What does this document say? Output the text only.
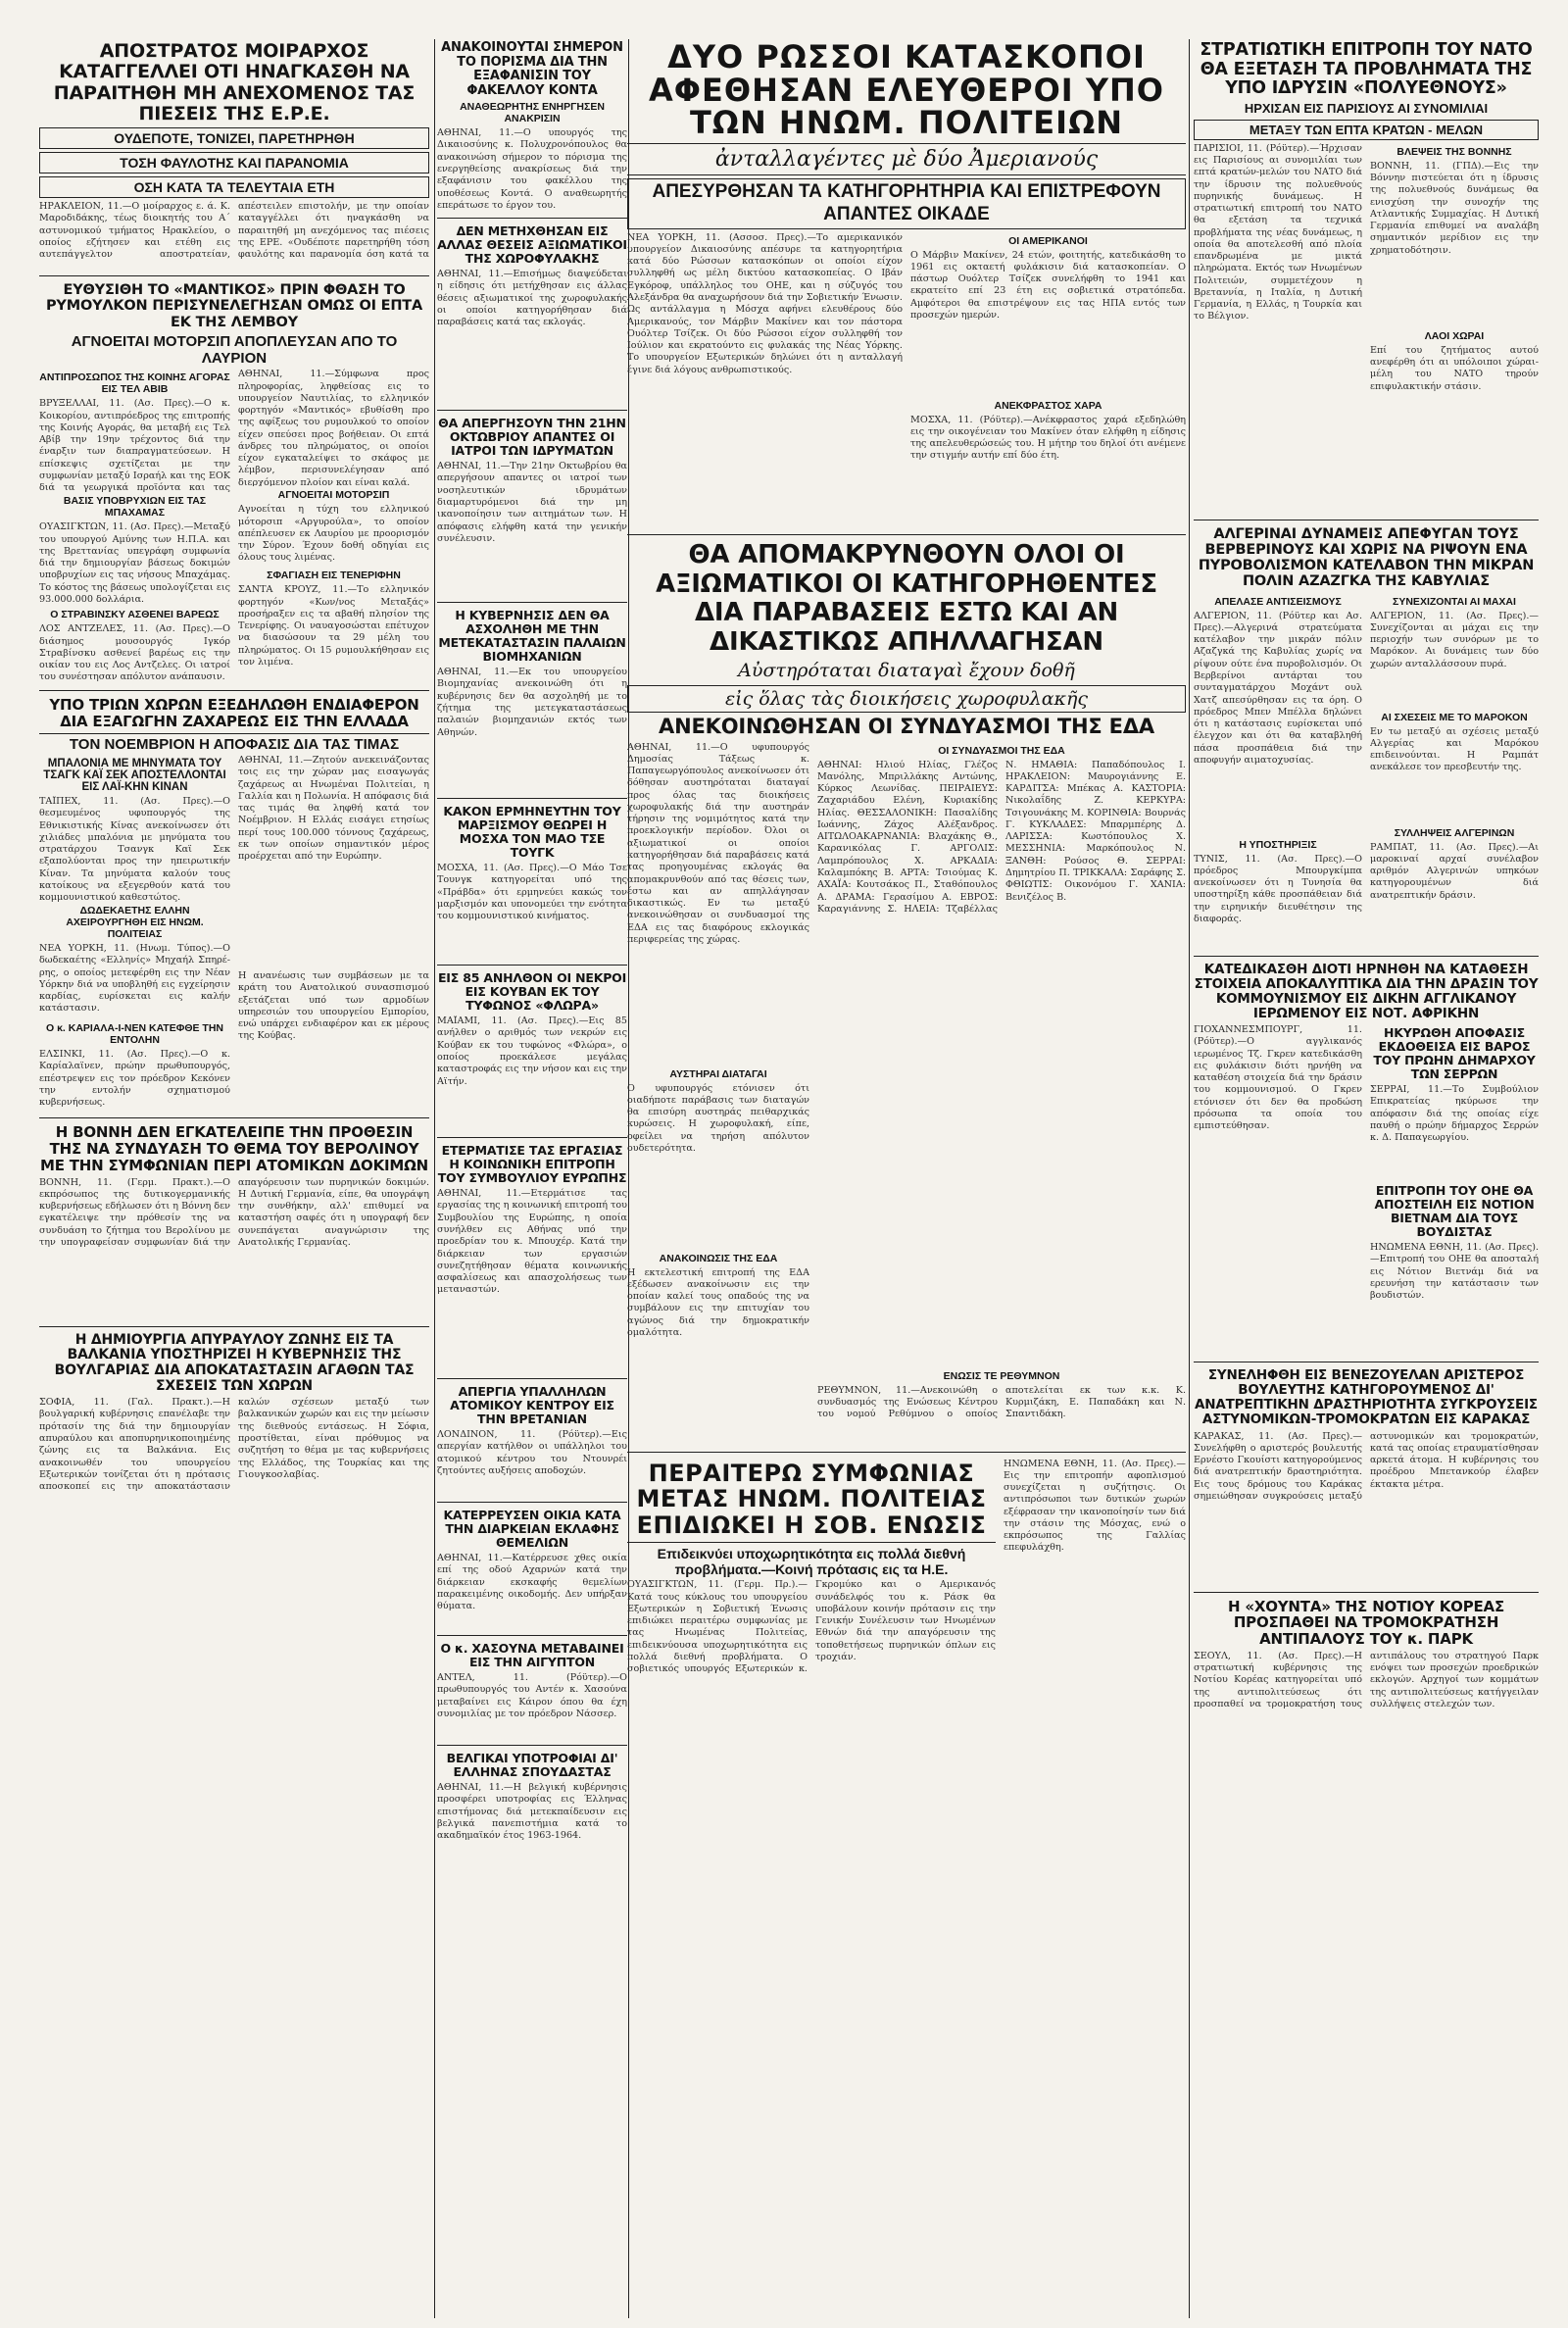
ΑΠΟΣΤΡΑΤΟΣ ΜΟΙΡΑΡΧΟΣ ΚΑΤΑΓΓΕΛΛΕΙ ΟΤΙ ΗΝΑΓΚΑΣΘΗ ΝΑ ΠΑΡΑΙΤΗΘΗ ΜΗ ΑΝΕΧΟΜΕΝΟΣ ΤΑΣ ΠΙΕΣΕΙΣ ΤΗΣ Ε.Ρ.Ε.
ΟΥΔΕΠΟΤΕ, ΤΟΝΙΖΕΙ, ΠΑΡΕΤΗΡΗΘΗ
ΤΟΣΗ ΦΑΥΛΟΤΗΣ ΚΑΙ ΠΑΡΑΝΟΜΙΑ
ΟΣΗ ΚΑΤΑ ΤΑ ΤΕΛΕΥΤΑΙΑ ΕΤΗ
ΗΡΑΚΛΕΙΟΝ, 11.—Ο μοίραρχος ε. ά. Κ. Μαροδιδάκης, τέως διοικητής του Α΄ αστυνομικού τμήματος Ηρακλείου, ο οποίος εζήτησεν και ετέθη εις αυτεπάγγελτον αποστρατείαν, απέστειλεν επιστολήν, με την οποίαν καταγγέλλει ότι ηναγκάσθη να παραιτηθή μη ανεχόμενος τας πιέσεις της ΕΡΕ. «Ουδέποτε παρετηρήθη τόση φαυλότης και παρανομία όση κατά τα
ΕΥΘΥΣΙΘΗ ΤΟ «ΜΑΝΤΙΚΟΣ» ΠΡΙΝ ΦΘΑΣΗ ΤΟ ΡΥΜΟΥΛΚΟΝ ΠΕΡΙΣΥΝΕΛΕΓΗΣΑΝ ΟΜΩΣ ΟΙ ΕΠΤΑ ΕΚ ΤΗΣ ΛΕΜΒΟΥ
ΑΓΝΟΕΙΤΑΙ ΜΟΤΟΡΣΙΠ ΑΠΟΠΛΕΥΣΑΝ ΑΠΟ ΤΟ ΛΑΥΡΙΟΝ
ΑΝΤΙΠΡΟΣΩΠΟΣ ΤΗΣ ΚΟΙΝΗΣ ΑΓΟΡΑΣ ΕΙΣ ΤΕΛ ΑΒΙΒ
ΒΡΥΞΕΛΛΑΙ, 11. (Ασ. Πρες).—Ο κ. Κοικορίου, αντιπρόεδρος της επιτροπής της Κοινής Αγοράς, θα μεταβή εις Τελ Αβίβ την 19ην τρέχοντος διά την έναρξιν των διαπραγματεύσεων. Η επίσκεψις σχετίζεται με την συμφωνίαν μεταξύ Ισραήλ και της ΕΟΚ διά τα γεωργικά προϊόντα και τας
ΒΑΣΙΣ ΥΠΟΒΡΥΧΙΩΝ ΕΙΣ ΤΑΣ ΜΠΑΧΑΜΑΣ
ΟΥΑΣΙΓΚΤΩΝ, 11. (Ασ. Πρες).—Μεταξύ του υπουργού Αμύνης των Η.Π.Α. και της Βρεττανίας υπεγράφη συμφωνία διά την δημιουργίαν βάσεως δοκιμών υποβρυχίων εις τας νήσους Μπαχάμας. Το κόστος της βάσεως υπολογίζεται εις 93.000.000 δολλάρια.
Ο ΣΤΡΑΒΙΝΣΚΥ ΑΣΘΕΝΕΙ ΒΑΡΕΩΣ
ΛΟΣ ΑΝΤΖΕΛΕΣ, 11. (Ασ. Πρες).—Ο διάσημος μουσουργός Ιγκόρ Στραβίνσκυ ασθενεί βαρέως εις την οικίαν του εις Λος Αντζελες. Οι ιατροί του συνέστησαν απόλυτον ανάπαυσιν.
ΑΘΗΝΑΙ, 11.—Σύμφωνα προς πληροφορίας, ληφθείσας εις το υπουργείον Ναυτιλίας, το ελληνικόν φορτηγόν «Μαντικός» εβυθίσθη προ της αφίξεως του ρυμουλκού το οποίον είχεν σπεύσει προς βοήθειαν. Οι επτά άνδρες του πληρώματος, οι οποίοι είχον εγκαταλείψει το σκάφος με λέμβον, περισυνελέγησαν από διερχόμενον πλοίον και είναι καλά.
ΑΓΝΟΕΙΤΑΙ ΜΟΤΟΡΣΙΠ
Αγνοείται η τύχη του ελληνικού μότορσιπ «Αργυρούλα», το οποίον απέπλευσεν εκ Λαυρίου με προορισμόν την Σύρον. Έχουν δοθή οδηγίαι εις όλους τους λιμένας.
ΣΦΑΓΙΑΣΗ ΕΙΣ ΤΕΝΕΡΙΦΗΝ
ΣΑΝΤΑ ΚΡΟΥΖ, 11.—Το ελληνικόν φορτηγόν «Κων/νος Μεταξάς» προσήραξεν εις τα αβαθή πλησίον της Τενερίφης. Οι ναυαγοσώσται επέτυχον να διασώσουν τα 29 μέλη του πληρώματος. Οι 15 ρυμουλκήθησαν εις τον λιμένα.
ΥΠΟ ΤΡΙΩΝ ΧΩΡΩΝ ΕΞΕΔΗΛΩΘΗ ΕΝΔΙΑΦΕΡΟΝ ΔΙΑ ΕΞΑΓΩΓΗΝ ΖΑΧΑΡΕΩΣ ΕΙΣ ΤΗΝ ΕΛΛΑΔΑ
ΤΟΝ ΝΟΕΜΒΡΙΟΝ Η ΑΠΟΦΑΣΙΣ ΔΙΑ ΤΑΣ ΤΙΜΑΣ
ΜΠΑΛΟΝΙΑ ΜΕ ΜΗΝΥΜΑΤΑ ΤΟΥ ΤΣΑΓΚ ΚΑΪ ΣΕΚ ΑΠΟΣΤΕΛΛΟΝΤΑΙ ΕΙΣ ΛΑΪ-ΚΗΝ ΚΙΝΑΝ
ΤΑΪΠΕΧ, 11. (Ασ. Πρες).—Ο θεσμευμένος υφυπουργός της Εθνικιστικής Κίνας ανεκοίνωσεν ότι χιλιάδες μπαλόνια με μηνύματα του στρατάρχου Τσανγκ Καϊ Σεκ εξαπολύονται προς την ηπειρωτικήν Κίναν. Τα μηνύματα καλούν τους κατοίκους να εξεγερθούν κατά του κομμουνιστικού καθεστώτος.
ΔΩΔΕΚΑΕΤΗΣ ΕΛΛΗΝ ΑΧΕΙΡΟΥΡΓΗΘΗ ΕΙΣ ΗΝΩΜ. ΠΟΛΙΤΕΙΑΣ
ΝΕΑ ΥΟΡΚΗ, 11. (Ηνωμ. Τύπος).—Ο δωδεκαέτης «Ελληνίς» Μηχαήλ Σπηρέ-ρης, ο οποίος μετεφέρθη εις την Νέαν Υόρκην διά να υποβληθή εις εγχείρησιν καρδίας, ευρίσκεται εις καλήν κατάστασιν.
Ο κ. ΚΑΡΙΑΛΑ-Ι-ΝΕΝ ΚΑΤΕΦΘΕ ΤΗΝ ΕΝΤΟΛΗΝ
ΕΛΣΙΝΚΙ, 11. (Ασ. Πρες).—Ο κ. Καρίαλαϊνεν, πρώην πρωθυπουργός, επέστρεψεν εις τον πρόεδρον Κεκόνεν την εντολήν σχηματισμού κυβερνήσεως.
ΑΘΗΝΑΙ, 11.—Ζητούν ανεκεινάζοντας τοις εις την χώραν μας εισαγωγάς ζαχάρεως αι Ηνωμέναι Πολιτείαι, η Γαλλία και η Πολωνία. Η απόφασις διά τας τιμάς θα ληφθή κατά τον Νοέμβριον. Η Ελλάς εισάγει ετησίως περί τους 100.000 τόννους ζαχάρεως, εκ των οποίων σημαντικόν μέρος προέρχεται από την Ευρώπην.
Η ανανέωσις των συμβάσεων με τα κράτη του Ανατολικού συνασπισμού εξετάζεται υπό των αρμοδίων υπηρεσιών του υπουργείου Εμπορίου, ενώ υπάρχει ενδιαφέρον και εκ μέρους της Κούβας.
Η ΒΟΝΝΗ ΔΕΝ ΕΓΚΑΤΕΛΕΙΠΕ ΤΗΝ ΠΡΟΘΕΣΙΝ ΤΗΣ ΝΑ ΣΥΝΔΥΑΣΗ ΤΟ ΘΕΜΑ ΤΟΥ ΒΕΡΟΛΙΝΟΥ ΜΕ ΤΗΝ ΣΥΜΦΩΝΙΑΝ ΠΕΡΙ ΑΤΟΜΙΚΩΝ ΔΟΚΙΜΩΝ
ΒΟΝΝΗ, 11. (Γερμ. Πρακτ.).—Ο εκπρόσωπος της δυτικογερμανικής κυβερνήσεως εδήλωσεν ότι η Βόννη δεν εγκατέλειψε την πρόθεσίν της να συνδυάση το ζήτημα του Βερολίνου με την υπογραφείσαν συμφωνίαν διά την απαγόρευσιν των πυρηνικών δοκιμών. Η Δυτική Γερμανία, είπε, θα υπογράψη την συνθήκην, αλλ' επιθυμεί να καταστήση σαφές ότι η υπογραφή δεν συνεπάγεται αναγνώρισιν της Ανατολικής Γερμανίας.
Η ΔΗΜΙΟΥΡΓΙΑ ΑΠΥΡΑΥΛΟΥ ΖΩΝΗΣ ΕΙΣ ΤΑ ΒΑΛΚΑΝΙΑ ΥΠΟΣΤΗΡΙΖΕΙ Η ΚΥΒΕΡΝΗΣΙΣ ΤΗΣ ΒΟΥΛΓΑΡΙΑΣ ΔΙΑ ΑΠΟΚΑΤΑΣΤΑΣΙΝ ΑΓΑΘΩΝ ΤΑΣ ΣΧΕΣΕΙΣ ΤΩΝ ΧΩΡΩΝ
ΣΟΦΙΑ, 11. (Γαλ. Πρακτ.).—Η βουλγαρική κυβέρνησις επανέλαβε την πρότασίν της διά την δημιουργίαν απυραύλου και αποπυρηνικοποιημένης ζώνης εις τα Βαλκάνια. Εις ανακοινωθέν του υπουργείου Εξωτερικών τονίζεται ότι η πρότασις αποσκοπεί εις την αποκατάστασιν καλών σχέσεων μεταξύ των βαλκανικών χωρών και εις την μείωσιν της διεθνούς εντάσεως. Η Σόφια, προστίθεται, είναι πρόθυμος να συζητήση το θέμα με τας κυβερνήσεις της Ελλάδος, της Τουρκίας και της Γιουγκοσλαβίας.
ΑΝΑΚΟΙΝΟΥΤΑΙ ΣΗΜΕΡΟΝ ΤΟ ΠΟΡΙΣΜΑ ΔΙΑ ΤΗΝ ΕΞΑΦΑΝΙΣΙΝ ΤΟΥ ΦΑΚΕΛΛΟΥ ΚΟΝΤΑ
ΑΝΑΘΕΩΡΗΤΗΣ ΕΝΗΡΓΗΣΕΝ ΑΝΑΚΡΙΣΙΝ
ΑΘΗΝΑΙ, 11.—Ο υπουργός της Δικαιοσύνης κ. Πολυχρονόπουλος θα ανακοινώση σήμερον το πόρισμα της ενεργηθείσης ανακρίσεως διά την εξαφάνισιν του φακέλλου της υποθέσεως Κοντά. Ο αναθεωρητής επεράτωσε το έργον του.
ΔΕΝ ΜΕΤΗΧΘΗΣΑΝ ΕΙΣ ΑΛΛΑΣ ΘΕΣΕΙΣ ΑΞΙΩΜΑΤΙΚΟΙ ΤΗΣ ΧΩΡΟΦΥΛΑΚΗΣ
ΑΘΗΝΑΙ, 11.—Επισήμως διαψεύδεται η είδησις ότι μετήχθησαν εις άλλας θέσεις αξιωματικοί της χωροφυλακής οι οποίοι κατηγορήθησαν διά παραβάσεις κατά τας εκλογάς.
ΘΑ ΑΠΕΡΓΗΣΟΥΝ ΤΗΝ 21ΗΝ ΟΚΤΩΒΡΙΟΥ ΑΠΑΝΤΕΣ ΟΙ ΙΑΤΡΟΙ ΤΩΝ ΙΔΡΥΜΑΤΩΝ
ΑΘΗΝΑΙ, 11.—Την 21ην Οκτωβρίου θα απεργήσουν απαντες οι ιατροί των νοσηλευτικών ιδρυμάτων διαμαρτυρόμενοι διά την μη ικανοποίησιν των αιτημάτων των. Η απόφασις ελήφθη κατά την γενικήν συνέλευσιν.
Η ΚΥΒΕΡΝΗΣΙΣ ΔΕΝ ΘΑ ΑΣΧΟΛΗΘΗ ΜΕ ΤΗΝ ΜΕΤΕΚΑΤΑΣΤΑΣΙΝ ΠΑΛΑΙΩΝ ΒΙΟΜΗΧΑΝΙΩΝ
ΑΘΗΝΑΙ, 11.—Εκ του υπουργείου Βιομηχανίας ανεκοινώθη ότι η κυβέρνησις δεν θα ασχοληθή με το ζήτημα της μετεγκαταστάσεως παλαιών βιομηχανιών εκτός των Αθηνών.
ΚΑΚΟΝ ΕΡΜΗΝΕΥΤΗΝ ΤΟΥ ΜΑΡΞΙΣΜΟΥ ΘΕΩΡΕΙ Η ΜΟΣΧΑ ΤΟΝ ΜΑΟ ΤΣΕ ΤΟΥΓΚ
ΜΟΣΧΑ, 11. (Ασ. Πρες).—Ο Μάο Τσε Τουνγκ κατηγορείται υπό της «Πράβδα» ότι ερμηνεύει κακώς τον μαρξισμόν και υπονομεύει την ενότητα του κομμουνιστικού κινήματος.
ΕΙΣ 85 ΑΝΗΛΘΟΝ ΟΙ ΝΕΚΡΟΙ ΕΙΣ ΚΟΥΒΑΝ ΕΚ ΤΟΥ ΤΥΦΩΝΟΣ «ΦΛΩΡΑ»
ΜΑΪΑΜΙ, 11. (Ασ. Πρες).—Εις 85 ανήλθεν ο αριθμός των νεκρών εις Κούβαν εκ του τυφώνος «Φλώρα», ο οποίος προεκάλεσε μεγάλας καταστροφάς εις την νήσον και εις την Αϊτήν.
ΕΤΕΡΜΑΤΙΣΕ ΤΑΣ ΕΡΓΑΣΙΑΣ Η ΚΟΙΝΩΝΙΚΗ ΕΠΙΤΡΟΠΗ ΤΟΥ ΣΥΜΒΟΥΛΙΟΥ ΕΥΡΩΠΗΣ
ΑΘΗΝΑΙ, 11.—Ετερμάτισε τας εργασίας της η κοινωνική επιτροπή του Συμβουλίου της Ευρώπης, η οποία συνήλθεν εις Αθήνας υπό την προεδρίαν του κ. Μπουχέρ. Κατά την διάρκειαν των εργασιών συνεζητήθησαν θέματα κοινωνικής ασφαλίσεως και απασχολήσεως των μεταναστών.
ΑΠΕΡΓΙΑ ΥΠΑΛΛΗΛΩΝ ΑΤΟΜΙΚΟΥ ΚΕΝΤΡΟΥ ΕΙΣ ΤΗΝ ΒΡΕΤΑΝΙΑΝ
ΛΟΝΔΙΝΟΝ, 11. (Ρόϋτερ).—Εις απεργίαν κατήλθον οι υπάλληλοι του ατομικού κέντρου του Ντουνρέι ζητούντες αυξήσεις αποδοχών.
ΚΑΤΕΡΡΕΥΣΕΝ ΟΙΚΙΑ ΚΑΤΑ ΤΗΝ ΔΙΑΡΚΕΙΑΝ ΕΚΛΑΦΗΣ ΘΕΜΕΛΙΩΝ
ΑΘΗΝΑΙ, 11.—Κατέρρευσε χθες οικία επί της οδού Αχαρνών κατά την διάρκειαν εκσκαφής θεμελίων παρακειμένης οικοδομής. Δεν υπήρξαν θύματα.
Ο κ. ΧΑΣΟΥΝΑ ΜΕΤΑΒΑΙΝΕΙ ΕΙΣ ΤΗΝ ΑΙΓΥΠΤΟΝ
ΑΝΤΕΛ, 11. (Ρόϋτερ).—Ο πρωθυπουργός του Αντέν κ. Χασούνα μεταβαίνει εις Κάιρον όπου θα έχη συνομιλίας με τον πρόεδρον Νάσσερ.
ΒΕΛΓΙΚΑΙ ΥΠΟΤΡΟΦΙΑΙ ΔΙ' ΕΛΛΗΝΑΣ ΣΠΟΥΔΑΣΤΑΣ
ΑΘΗΝΑΙ, 11.—Η βελγική κυβέρνησις προσφέρει υποτροφίας εις Έλληνας επιστήμονας διά μετεκπαίδευσιν εις βελγικά πανεπιστήμια κατά το ακαδημαϊκόν έτος 1963-1964.
ΔΥΟ ΡΩΣΣΟΙ ΚΑΤΑΣΚΟΠΟΙ ΑΦΕΘΗΣΑΝ ΕΛΕΥΘΕΡΟΙ ΥΠΟ ΤΩΝ ΗΝΩΜ. ΠΟΛΙΤΕΙΩΝ
ἀνταλλαγέντες μὲ δύο Ἀμεριανούς
ΑΠΕΣΥΡΘΗΣΑΝ ΤΑ ΚΑΤΗΓΟΡΗΤΗΡΙΑ ΚΑΙ ΕΠΙΣΤΡΕΦΟΥΝ ΑΠΑΝΤΕΣ ΟΙΚΑΔΕ
ΝΕΑ ΥΟΡΚΗ, 11. (Ασσοσ. Πρες).—Το αμερικανικόν υπουργείον Δικαιοσύνης απέσυρε τα κατηγορητήρια κατά δύο Ρώσσων κατασκόπων οι οποίοι είχον συλληφθή ως μέλη δικτύου κατασκοπείας. Ο Ιβάν Εγκόροφ, υπάλληλος του ΟΗΕ, και η σύζυγός του Αλεξάνδρα θα αναχωρήσουν διά την Σοβιετικήν Ένωσιν. Ως αντάλλαγμα η Μόσχα αφήνει ελευθέρους δύο Αμερικανούς, τον Μάρβιν Μακίνεν και τον πάστορα Ουόλτερ Τσίζεκ. Οι δύο Ρώσσοι είχον συλληφθή τον Ιούλιον και εκρατούντο εις φυλακάς της Νέας Υόρκης. Το υπουργείον Εξωτερικών δηλώνει ότι η ανταλλαγή έγινε διά λόγους ανθρωπιστικούς.
ΟΙ ΑΜΕΡΙΚΑΝΟΙ
Ο Μάρβιν Μακίνεν, 24 ετών, φοιτητής, κατεδικάσθη το 1961 εις οκταετή φυλάκισιν διά κατασκοπείαν. Ο πάστωρ Ουόλτερ Τσίζεκ συνελήφθη το 1941 και εκρατείτο επί 23 έτη εις σοβιετικά στρατόπεδα. Αμφότεροι θα επιστρέψουν εις τας ΗΠΑ εντός των προσεχών ημερών.
ΑΝΕΚΦΡΑΣΤΟΣ ΧΑΡΑ
ΜΟΣΧΑ, 11. (Ρόϋτερ).—Ανέκφραστος χαρά εξεδηλώθη εις την οικογένειαν του Μακίνεν όταν ελήφθη η είδησις της απελευθερώσεώς του. Η μήτηρ του δηλοί ότι ανέμενε την στιγμήν αυτήν επί δύο έτη.
ΘΑ ΑΠΟΜΑΚΡΥΝΘΟΥΝ ΟΛΟΙ ΟΙ ΑΞΙΩΜΑΤΙΚΟΙ ΟΙ ΚΑΤΗΓΟΡΗΘΕΝΤΕΣ ΔΙΑ ΠΑΡΑΒΑΣΕΙΣ ΕΣΤΩ ΚΑΙ ΑΝ ΔΙΚΑΣΤΙΚΩΣ ΑΠΗΛΛΑΓΗΣΑΝ
Αὐστηρόταται διαταγαὶ ἔχουν δοθῆ
εἰς ὅλας τὰς διοικήσεις χωροφυλακῆς
ΑΝΕΚΟΙΝΩΘΗΣΑΝ ΟΙ ΣΥΝΔΥΑΣΜΟΙ ΤΗΣ ΕΔΑ
ΑΘΗΝΑΙ, 11.—Ο υφυπουργός Δημοσίας Τάξεως κ. Παπαγεωργόπουλος ανεκοίνωσεν ότι δόθησαν αυστηρόταται διαταγαί προς όλας τας διοικήσεις χωροφυλακής διά την αυστηράν τήρησιν της νομιμότητος κατά την προεκλογικήν περίοδον. Όλοι οι αξιωματικοί οι οποίοι κατηγορήθησαν διά παραβάσεις κατά τας προηγουμένας εκλογάς θα απομακρυνθούν από τας θέσεις των, έστω και αν απηλλάγησαν δικαστικώς. Εν τω μεταξύ ανεκοινώθησαν οι συνδυασμοί της ΕΔΑ εις τας διαφόρους εκλογικάς περιφερείας της χώρας.
ΑΥΣΤΗΡΑΙ ΔΙΑΤΑΓΑΙ
Ο υφυπουργός ετόνισεν ότι οιαδήποτε παράβασις των διαταγών θα επισύρη αυστηράς πειθαρχικάς κυρώσεις. Η χωροφυλακή, είπε, οφείλει να τηρήση απόλυτον ουδετερότητα.
ΑΝΑΚΟΙΝΩΣΙΣ ΤΗΣ ΕΔΑ
Η εκτελεστική επιτροπή της ΕΔΑ εξέδωσεν ανακοίνωσιν εις την οποίαν καλεί τους οπαδούς της να συμβάλουν εις την επιτυχίαν του αγώνος διά την δημοκρατικήν ομαλότητα.
ΟΙ ΣΥΝΔΥΑΣΜΟΙ ΤΗΣ ΕΔΑ
ΑΘΗΝΑΙ: Ηλιού Ηλίας, Γλέζος Μανόλης, Μπριλλάκης Αντώνης, Κύρκος Λεωνίδας. ΠΕΙΡΑΙΕΥΣ: Ζαχαριάδου Ελένη, Κυριακίδης Ηλίας. ΘΕΣΣΑΛΟΝΙΚΗ: Πασαλίδης Ιωάννης, Ζάχος Αλέξανδρος. ΑΙΤΩΛΟΑΚΑΡΝΑΝΙΑ: Βλαχάκης Θ., Καρανικόλας Γ. ΑΡΓΟΛΙΣ: Λαμπρόπουλος Χ. ΑΡΚΑΔΙΑ: Καλαμπόκης Β. ΑΡΤΑ: Τσιούμας Κ. ΑΧΑΪΑ: Κουτσάκος Π., Σταθόπουλος Α. ΔΡΑΜΑ: Γερασίμου Α. ΕΒΡΟΣ: Καραγιάννης Σ. ΗΛΕΙΑ: Τζαβέλλας Ν. ΗΜΑΘΙΑ: Παπαδόπουλος Ι. ΗΡΑΚΛΕΙΟΝ: Μαυρογιάννης Ε. ΚΑΡΔΙΤΣΑ: Μπέκας Α. ΚΑΣΤΟΡΙΑ: Νικολαΐδης Ζ. ΚΕΡΚΥΡΑ: Τσιγουνάκης Μ. ΚΟΡΙΝΘΙΑ: Βουρνάς Γ. ΚΥΚΛΑΔΕΣ: Μπαρμπέρης Δ. ΛΑΡΙΣΣΑ: Κωστόπουλος Χ. ΜΕΣΣΗΝΙΑ: Μαρκόπουλος Ν. ΞΑΝΘΗ: Ρούσος Θ. ΣΕΡΡΑΙ: Δημητρίου Π. ΤΡΙΚΚΑΛΑ: Σαράφης Σ. ΦΘΙΩΤΙΣ: Οικονόμου Γ. ΧΑΝΙΑ: Βενιζέλος Β.
ΕΝΩΣΙΣ ΤΕ ΡΕΘΥΜΝΟΝ
ΡΕΘΥΜΝΟΝ, 11.—Ανεκοινώθη ο συνδυασμός της Ενώσεως Κέντρου του νομού Ρεθύμνου ο οποίος αποτελείται εκ των κ.κ. Κ. Κυρμιζάκη, Ε. Παπαδάκη και Ν. Σπαντιδάκη.
ΠΕΡΑΙΤΕΡΩ ΣΥΜΦΩΝΙΑΣ ΜΕΤΑΣ ΗΝΩΜ. ΠΟΛΙΤΕΙΑΣ ΕΠΙΔΙΩΚΕΙ Η ΣΟΒ. ΕΝΩΣΙΣ
Επιδεικνύει υποχωρητικότητα εις πολλά διεθνή προβλήματα.—Κοινή πρότασις εις τα Η.Ε.
ΟΥΑΣΙΓΚΤΩΝ, 11. (Γερμ. Πρ.).—Κατά τους κύκλους του υπουργείου Εξωτερικών η Σοβιετική Ένωσις επιδιώκει περαιτέρω συμφωνίας με τας Ηνωμένας Πολιτείας, επιδεικνύουσα υποχωρητικότητα εις πολλά διεθνή προβλήματα. Ο σοβιετικός υπουργός Εξωτερικών κ. Γκρομύκο και ο Αμερικανός συνάδελφός του κ. Ράσκ θα υποβάλουν κοινήν πρότασιν εις την Γενικήν Συνέλευσιν των Ηνωμένων Εθνών διά την απαγόρευσιν της τοποθετήσεως πυρηνικών όπλων εις τροχιάν.
ΗΝΩΜΕΝΑ ΕΘΝΗ, 11. (Ασ. Πρες).—Εις την επιτροπήν αφοπλισμού συνεχίζεται η συζήτησις. Οι αντιπρόσωποι των δυτικών χωρών εξέφρασαν την ικανοποίησίν των διά την στάσιν της Μόσχας, ενώ ο εκπρόσωπος της Γαλλίας επεφυλάχθη.
ΣΤΡΑΤΙΩΤΙΚΗ ΕΠΙΤΡΟΠΗ ΤΟΥ ΝΑΤΟ ΘΑ ΕΞΕΤΑΣΗ ΤΑ ΠΡΟΒΛΗΜΑΤΑ ΤΗΣ ΥΠΟ ΙΔΡΥΣΙΝ «ΠΟΛΥΕΘΝΟΥΣ»
ΗΡΧΙΣΑΝ ΕΙΣ ΠΑΡΙΣΙΟΥΣ ΑΙ ΣΥΝΟΜΙΛΙΑΙ
ΜΕΤΑΞΥ ΤΩΝ ΕΠΤΑ ΚΡΑΤΩΝ - ΜΕΛΩΝ
ΠΑΡΙΣΙΟΙ, 11. (Ρόϋτερ).—Ήρχισαν εις Παρισίους αι συνομιλίαι των επτά κρατών-μελών του ΝΑΤΟ διά την ίδρυσιν της πολυεθνούς πυρηνικής δυνάμεως. Η στρατιωτική επιτροπή του ΝΑΤΟ θα εξετάση τα τεχνικά προβλήματα της νέας δυνάμεως, η οποία θα αποτελεσθή από πλοία επανδρωμένα με μικτά πληρώματα. Εκτός των Ηνωμένων Πολιτειών, συμμετέχουν η Βρεταννία, η Ιταλία, η Δυτική Γερμανία, η Ελλάς, η Τουρκία και το Βέλγιον.
ΒΛΕΨΕΙΣ ΤΗΣ ΒΟΝΝΗΣ
ΒΟΝΝΗ, 11. (ΓΠΔ).—Εις την Βόννην πιστεύεται ότι η ίδρυσις της πολυεθνούς δυνάμεως θα ενισχύση την συνοχήν της Ατλαντικής Συμμαχίας. Η Δυτική Γερμανία επιθυμεί να αναλάβη σημαντικόν μερίδιον εις την χρηματοδότησιν.
ΛΑΟΙ ΧΩΡΑΙ
Επί του ζητήματος αυτού ανεφέρθη ότι αι υπόλοιποι χώραι-μέλη του ΝΑΤΟ τηρούν επιφυλακτικήν στάσιν.
ΑΛΓΕΡΙΝΑΙ ΔΥΝΑΜΕΙΣ ΑΠΕΦΥΓΑΝ ΤΟΥΣ ΒΕΡΒΕΡΙΝΟΥΣ ΚΑΙ ΧΩΡΙΣ ΝΑ ΡΙΨΟΥΝ ΕΝΑ ΠΥΡΟΒΟΛΙΣΜΟΝ ΚΑΤΕΛΑΒΟΝ ΤΗΝ ΜΙΚΡΑΝ ΠΟΛΙΝ ΑΖΑΖΓΚΑ ΤΗΣ ΚΑΒΥΛΙΑΣ
ΑΠΕΛΑΣΕ ΑΝΤΙΣΕΙΣΜΟΥΣ
ΑΛΓΕΡΙΟΝ, 11. (Ρόϋτερ και Ασ. Πρες).—Αλγερινά στρατεύματα κατέλαβον την μικράν πόλιν Αζαζγκά της Καβυλίας χωρίς να ρίψουν ούτε ένα πυροβολισμόν. Οι Βερβερίνοι αντάρται του συνταγματάρχου Μοχάντ ουλ Χατζ απεσύρθησαν εις τα όρη. Ο πρόεδρος Μπεν Μπέλλα δηλώνει ότι η κατάστασις ευρίσκεται υπό έλεγχον και ότι θα καταβληθή πάσα προσπάθεια διά την αποφυγήν αιματοχυσίας.
Η ΥΠΟΣΤΗΡΙΞΙΣ
ΤΥΝΙΣ, 11. (Ασ. Πρες).—Ο πρόεδρος Μπουργκίμπα ανεκοίνωσεν ότι η Τυνησία θα υποστηρίξη κάθε προσπάθειαν διά την ειρηνικήν διευθέτησιν της διαφοράς.
ΣΥΝΕΧΙΖΟΝΤΑΙ ΑΙ ΜΑΧΑΙ
ΑΛΓΕΡΙΟΝ, 11. (Ασ. Πρες).—Συνεχίζονται αι μάχαι εις την περιοχήν των συνόρων με το Μαρόκον. Αι δυνάμεις των δύο χωρών ανταλλάσσουν πυρά.
ΑΙ ΣΧΕΣΕΙΣ ΜΕ ΤΟ ΜΑΡΟΚΟΝ
Εν τω μεταξύ αι σχέσεις μεταξύ Αλγερίας και Μαρόκου επιδεινούνται. Η Ραμπάτ ανεκάλεσε τον πρεσβευτήν της.
ΣΥΛΛΗΨΕΙΣ ΑΛΓΕΡΙΝΩΝ
ΡΑΜΠΑΤ, 11. (Ασ. Πρες).—Αι μαροκιναί αρχαί συνέλαβον αριθμόν Αλγερινών υπηκόων κατηγορουμένων διά ανατρεπτικήν δράσιν.
ΚΑΤΕΔΙΚΑΣΘΗ ΔΙΟΤΙ ΗΡΝΗΘΗ ΝΑ ΚΑΤΑΘΕΣΗ ΣΤΟΙΧΕΙΑ ΑΠΟΚΑΛΥΠΤΙΚΑ ΔΙΑ ΤΗΝ ΔΡΑΣΙΝ ΤΟΥ ΚΟΜΜΟΥΝΙΣΜΟΥ ΕΙΣ ΔΙΚΗΝ ΑΓΓΛΙΚΑΝΟΥ ΙΕΡΩΜΕΝΟΥ ΕΙΣ ΝΟΤ. ΑΦΡΙΚΗΝ
ΓΙΟΧΑΝΝΕΣΜΠΟΥΡΓ, 11. (Ρόϋτερ).—Ο αγγλικανός ιερωμένος Τζ. Γκρεν κατεδικάσθη εις φυλάκισιν διότι ηρνήθη να καταθέση στοιχεία διά την δράσιν του κομμουνισμού. Ο Γκρεν ετόνισεν ότι δεν θα προδώση πρόσωπα τα οποία του εμπιστεύθησαν.
ΗΚΥΡΩΘΗ ΑΠΟΦΑΣΙΣ ΕΚΔΟΘΕΙΣΑ ΕΙΣ ΒΑΡΟΣ ΤΟΥ ΠΡΩΗΝ ΔΗΜΑΡΧΟΥ ΤΩΝ ΣΕΡΡΩΝ
ΣΕΡΡΑΙ, 11.—Το Συμβούλιον Επικρατείας ηκύρωσε την απόφασιν διά της οποίας είχε παυθή ο πρώην δήμαρχος Σερρών κ. Δ. Παπαγεωργίου.
ΕΠΙΤΡΟΠΗ ΤΟΥ ΟΗΕ ΘΑ ΑΠΟΣΤΕΙΛΗ ΕΙΣ ΝΟΤΙΟΝ ΒΙΕΤΝΑΜ ΔΙΑ ΤΟΥΣ ΒΟΥΔΙΣΤΑΣ
ΗΝΩΜΕΝΑ ΕΘΝΗ, 11. (Ασ. Πρες).—Επιτροπή του ΟΗΕ θα αποσταλή εις Νότιον Βιετνάμ διά να ερευνήση την κατάστασιν των βουδιστών.
ΣΥΝΕΛΗΦΘΗ ΕΙΣ ΒΕΝΕΖΟΥΕΛΑΝ ΑΡΙΣΤΕΡΟΣ ΒΟΥΛΕΥΤΗΣ ΚΑΤΗΓΟΡΟΥΜΕΝΟΣ ΔΙ' ΑΝΑΤΡΕΠΤΙΚΗΝ ΔΡΑΣΤΗΡΙΟΤΗΤΑ ΣΥΓΚΡΟΥΣΕΙΣ ΑΣΤΥΝΟΜΙΚΩΝ-ΤΡΟΜΟΚΡΑΤΩΝ ΕΙΣ ΚΑΡΑΚΑΣ
ΚΑΡΑΚΑΣ, 11. (Ασ. Πρες).—Συνελήφθη ο αριστερός βουλευτής Ερνέστο Γκουίστι κατηγορούμενος διά ανατρεπτικήν δραστηριότητα. Εις τους δρόμους του Καράκας σημειώθησαν συγκρούσεις μεταξύ αστυνομικών και τρομοκρατών, κατά τας οποίας ετραυματίσθησαν αρκετά άτομα. Η κυβέρνησις του προέδρου Μπετανκούρ έλαβεν έκτακτα μέτρα.
Η «ΧΟΥΝΤΑ» ΤΗΣ ΝΟΤΙΟΥ ΚΟΡΕΑΣ ΠΡΟΣΠΑΘΕΙ ΝΑ ΤΡΟΜΟΚΡΑΤΗΣΗ ΑΝΤΙΠΑΛΟΥΣ ΤΟΥ κ. ΠΑΡΚ
ΣΕΟΥΛ, 11. (Ασ. Πρες).—Η στρατιωτική κυβέρνησις της Νοτίου Κορέας κατηγορείται υπό της αντιπολιτεύσεως ότι προσπαθεί να τρομοκρατήση τους αντιπάλους του στρατηγού Παρκ ενόψει των προσεχών προεδρικών εκλογών. Αρχηγοί των κομμάτων της αντιπολιτεύσεως κατήγγειλαν συλλήψεις στελεχών των.
